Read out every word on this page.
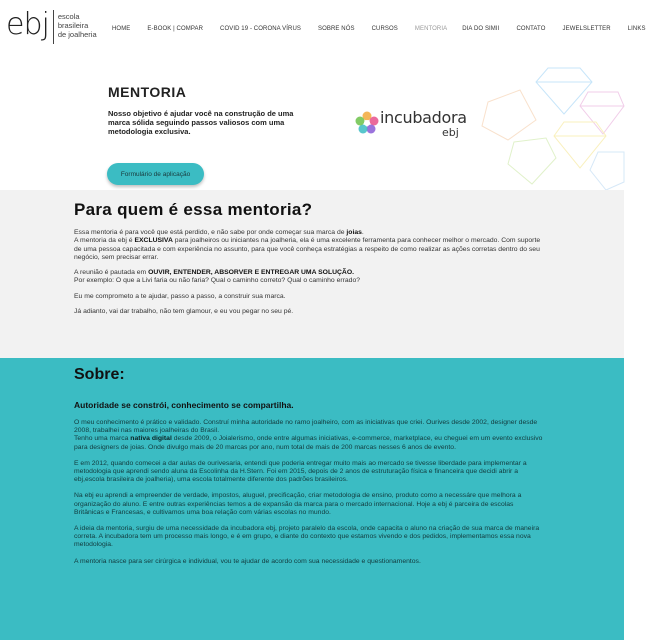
ebj escola
brasileira
de joalheria
HOME	E-BOOK | COMPAR	COVID 19 - CORONA VÍRUS	SOBRE NÓS	CURSOS	MENTORIA	DIA DO SIMII	CONTATO	JEWELSLETTER	LINKS
MENTORIA

Nosso objetivo é ajudar você na construção de uma marca sólida seguindo passos valiosos com uma metodologia exclusiva.

Formulário de aplicação
incubadora
ebj
Para quem é essa mentoria?

Essa mentoria é para você que está perdido, e não sabe por onde começar sua marca de joias.
A mentoria da ebj é EXCLUSIVA para joalheiros ou iniciantes na joalheria, ela é uma excelente ferramenta para conhecer melhor o mercado. Com suporte de uma pessoa capacitada e com experiência no assunto, para que você conheça estratégias a respeito de como realizar as ações corretas dentro do seu negócio, sem precisar errar.

A reunião é pautada em OUVIR, ENTENDER, ABSORVER E ENTREGAR UMA SOLUÇÃO.
Por exemplo: O que a Livi faria ou não faria? Qual o caminho correto? Qual o caminho errado?

Eu me comprometo a te ajudar, passo a passo, a construir sua marca.

Já adianto, vai dar trabalho, não tem glamour, e eu vou pegar no seu pé.

Sobre:
Autoridade se constrói, conhecimento se compartilha.

O meu conhecimento é prático e validado. Construí minha autoridade no ramo joalheiro, com as iniciativas que criei. Ourives desde 2002, designer desde 2008, trabalhei nas maiores joalheiras do Brasil.
Tenho uma marca nativa digital desde 2009, o Joialerismo, onde entre algumas iniciativas, e-commerce, marketplace, eu cheguei em um evento exclusivo para designers de joias. Onde divulgo mais de 20 marcas por ano, num total de mais de 200 marcas nesses 6 anos de evento.

E em 2012, quando comecei a dar aulas de ourivesaria, entendi que poderia entregar muito mais ao mercado se tivesse liberdade para implementar a metodologia que aprendi sendo aluna da Escolinha da H.Stern. Foi em 2015, depois de 2 anos de estruturação física e financeira que decidi abrir a ebj,escola brasileira de joalheria), uma escola totalmente diferente dos padrões brasileiros.

Na ebj eu aprendi a empreender de verdade, impostos, aluguel, precificação, criar metodologia de ensino, produto como a necessáre que melhora a organização do aluno. E entre outras experiências temos a de expansão da marca para o mercado internacional. Hoje a ebj é parceira de escolas Britânicas e Francesas, e cultivamos uma boa relação com várias escolas no mundo.

A ideia da mentoria, surgiu de uma necessidade da incubadora ebj, projeto paralelo da escola, onde capacita o aluno na criação de sua marca de maneira correta. A incubadora tem um processo mais longo, e é em grupo, e diante do contexto que estamos vivendo e dos pedidos, implementamos essa nova metodologia.

A mentoria nasce para ser cirúrgica e individual, vou te ajudar de acordo com sua necessidade e questionamentos.
